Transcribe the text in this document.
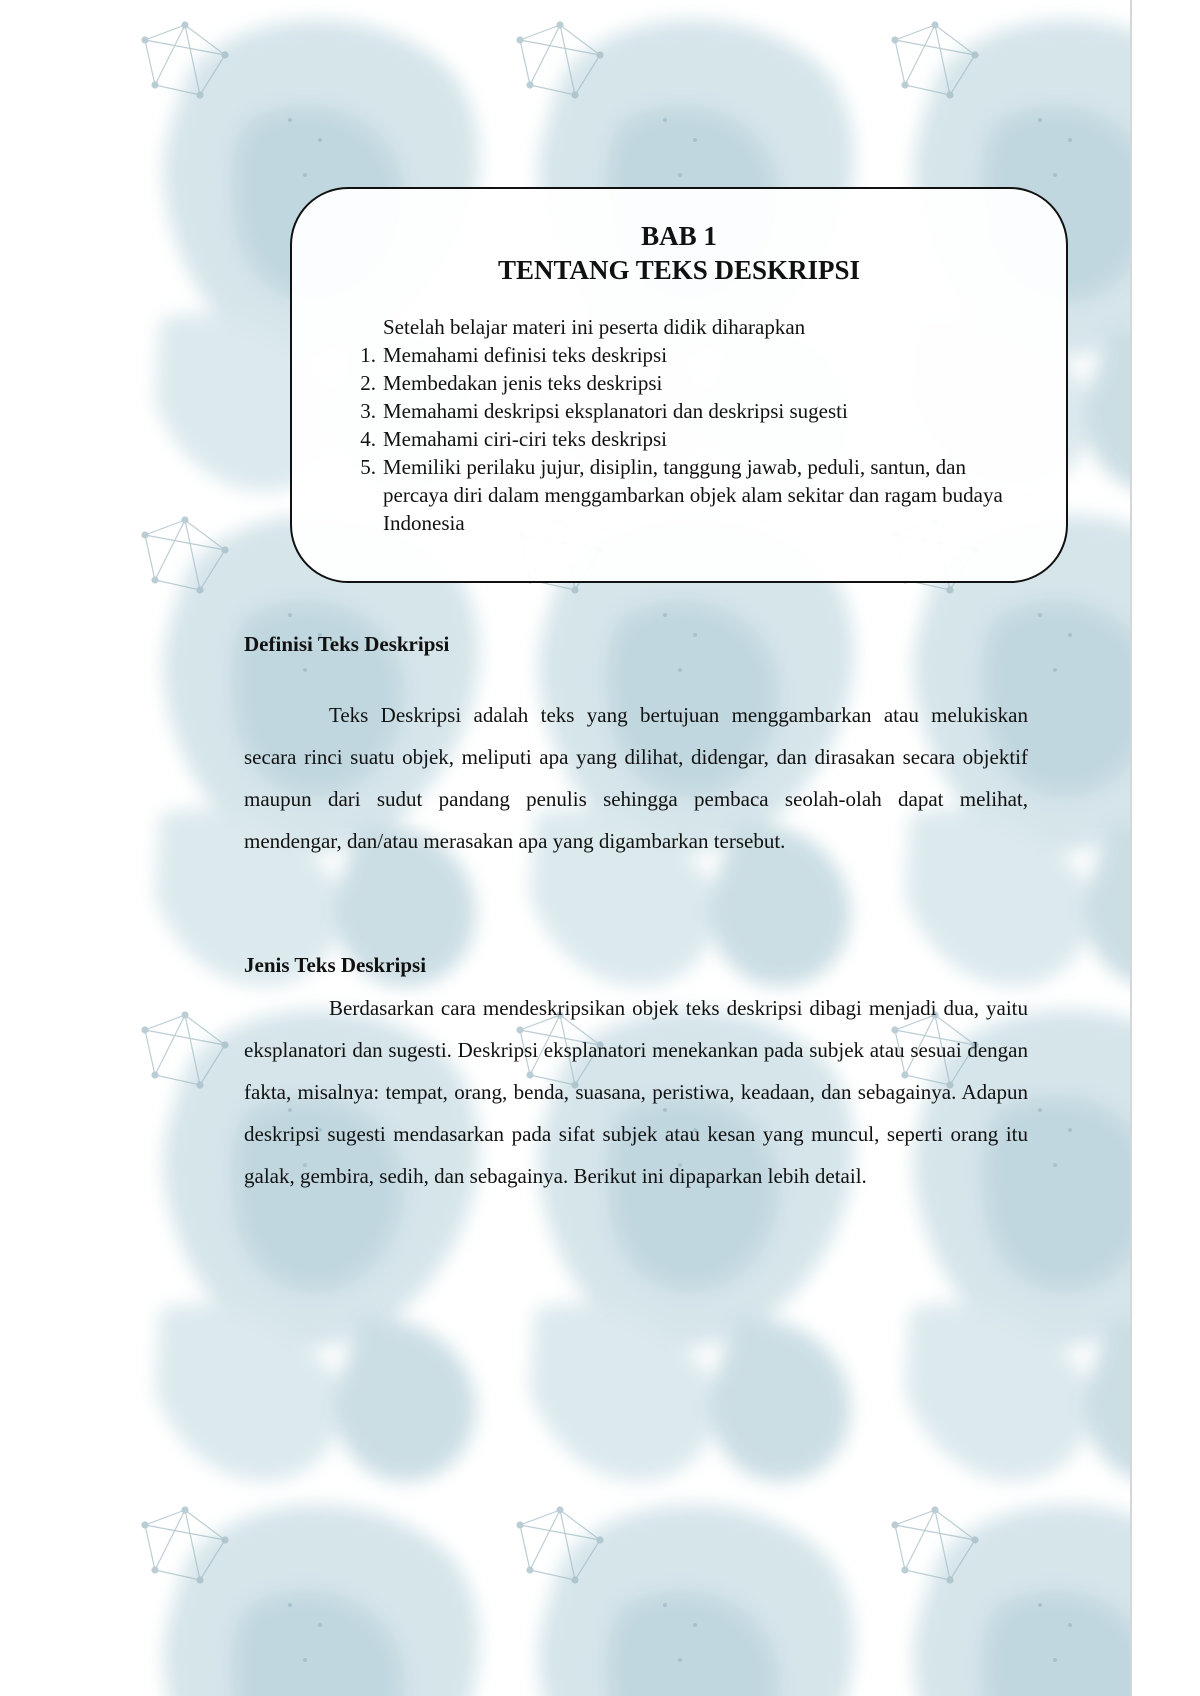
BAB 1
TENTANG TEKS DESKRIPSI

Setelah belajar materi ini peserta didik diharapkan

1. Memahami definisi teks deskripsi
2. Membedakan jenis teks deskripsi
3. Memahami deskripsi eksplanatori dan deskripsi sugesti
4. Memahami ciri-ciri teks deskripsi
5. Memiliki perilaku jujur, disiplin, tanggung jawab, peduli, santun, dan percaya diri dalam menggambarkan objek alam sekitar dan ragam budaya Indonesia
Definisi Teks Deskripsi

Teks Deskripsi adalah teks yang bertujuan menggambarkan atau melukiskan secara rinci suatu objek, meliputi apa yang dilihat, didengar, dan dirasakan secara objektif maupun dari sudut pandang penulis sehingga pembaca seolah-olah dapat melihat, mendengar, dan/atau merasakan apa yang digambarkan tersebut.

Jenis Teks Deskripsi

Berdasarkan cara mendeskripsikan objek teks deskripsi dibagi menjadi dua, yaitu eksplanatori dan sugesti. Deskripsi eksplanatori menekankan pada subjek atau sesuai dengan fakta, misalnya: tempat, orang, benda, suasana, peristiwa, keadaan, dan sebagainya. Adapun deskripsi sugesti mendasarkan pada sifat subjek atau kesan yang muncul, seperti orang itu galak, gembira, sedih, dan sebagainya. Berikut ini dipaparkan lebih detail.
